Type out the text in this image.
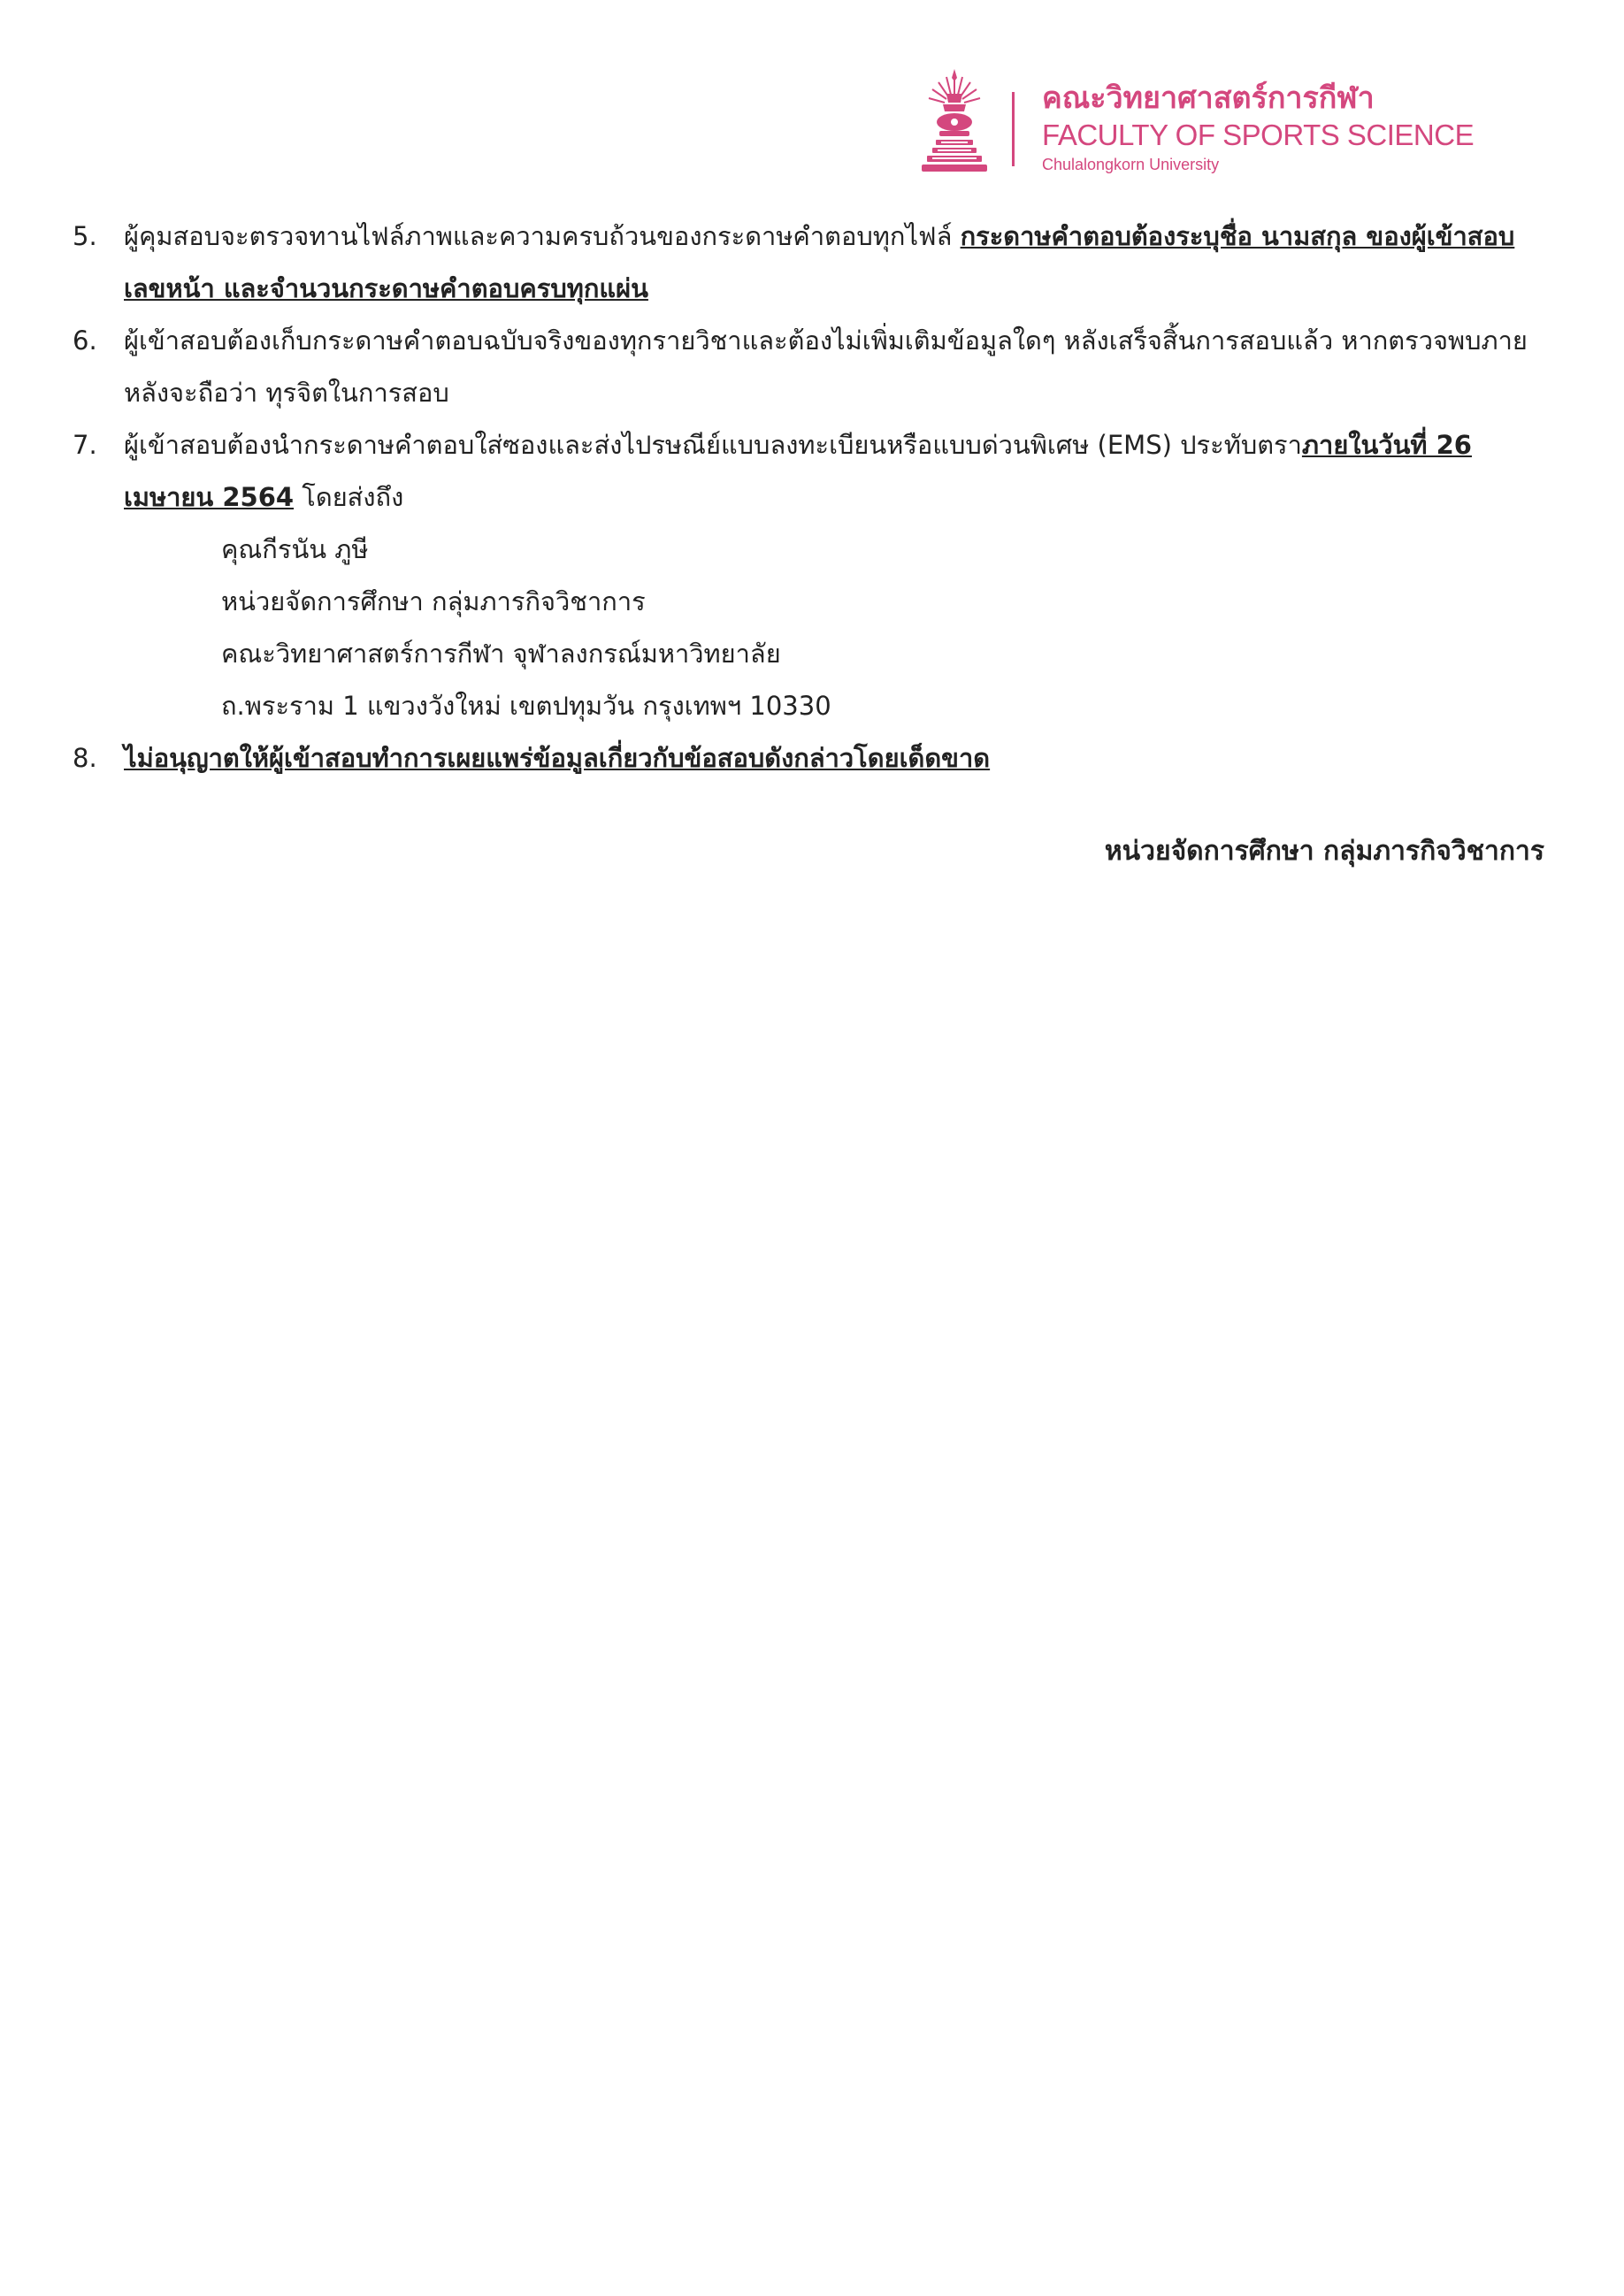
คณะวิทยาศาสตร์การกีฬา
FACULTY OF SPORTS SCIENCE
Chulalongkorn University
5. ผู้คุมสอบจะตรวจทานไฟล์ภาพและความครบถ้วนของกระดาษคำตอบทุกไฟล์ กระดาษคำตอบต้องระบุชื่อ นามสกุล ของผู้เข้าสอบ เลขหน้า และจำนวนกระดาษคำตอบครบทุกแผ่น
6. ผู้เข้าสอบต้องเก็บกระดาษคำตอบฉบับจริงของทุกรายวิชาและต้องไม่เพิ่มเติมข้อมูลใดๆ หลังเสร็จสิ้นการสอบแล้ว หากตรวจพบภายหลังจะถือว่า ทุรจิตในการสอบ
7. ผู้เข้าสอบต้องนำกระดาษคำตอบใส่ซองและส่งไปรษณีย์แบบลงทะเบียนหรือแบบด่วนพิเศษ (EMS) ประทับตราภายในวันที่ 26 เมษายน 2564 โดยส่งถึง
คุณกีรนัน ภูษี
หน่วยจัดการศึกษา กลุ่มภารกิจวิชาการ
คณะวิทยาศาสตร์การกีฬา จุฬาลงกรณ์มหาวิทยาลัย
ถ.พระราม 1 แขวงวังใหม่ เขตปทุมวัน กรุงเทพฯ 10330
8. ไม่อนุญาตให้ผู้เข้าสอบทำการเผยแพร่ข้อมูลเกี่ยวกับข้อสอบดังกล่าวโดยเด็ดขาด
หน่วยจัดการศึกษา กลุ่มภารกิจวิชาการ
